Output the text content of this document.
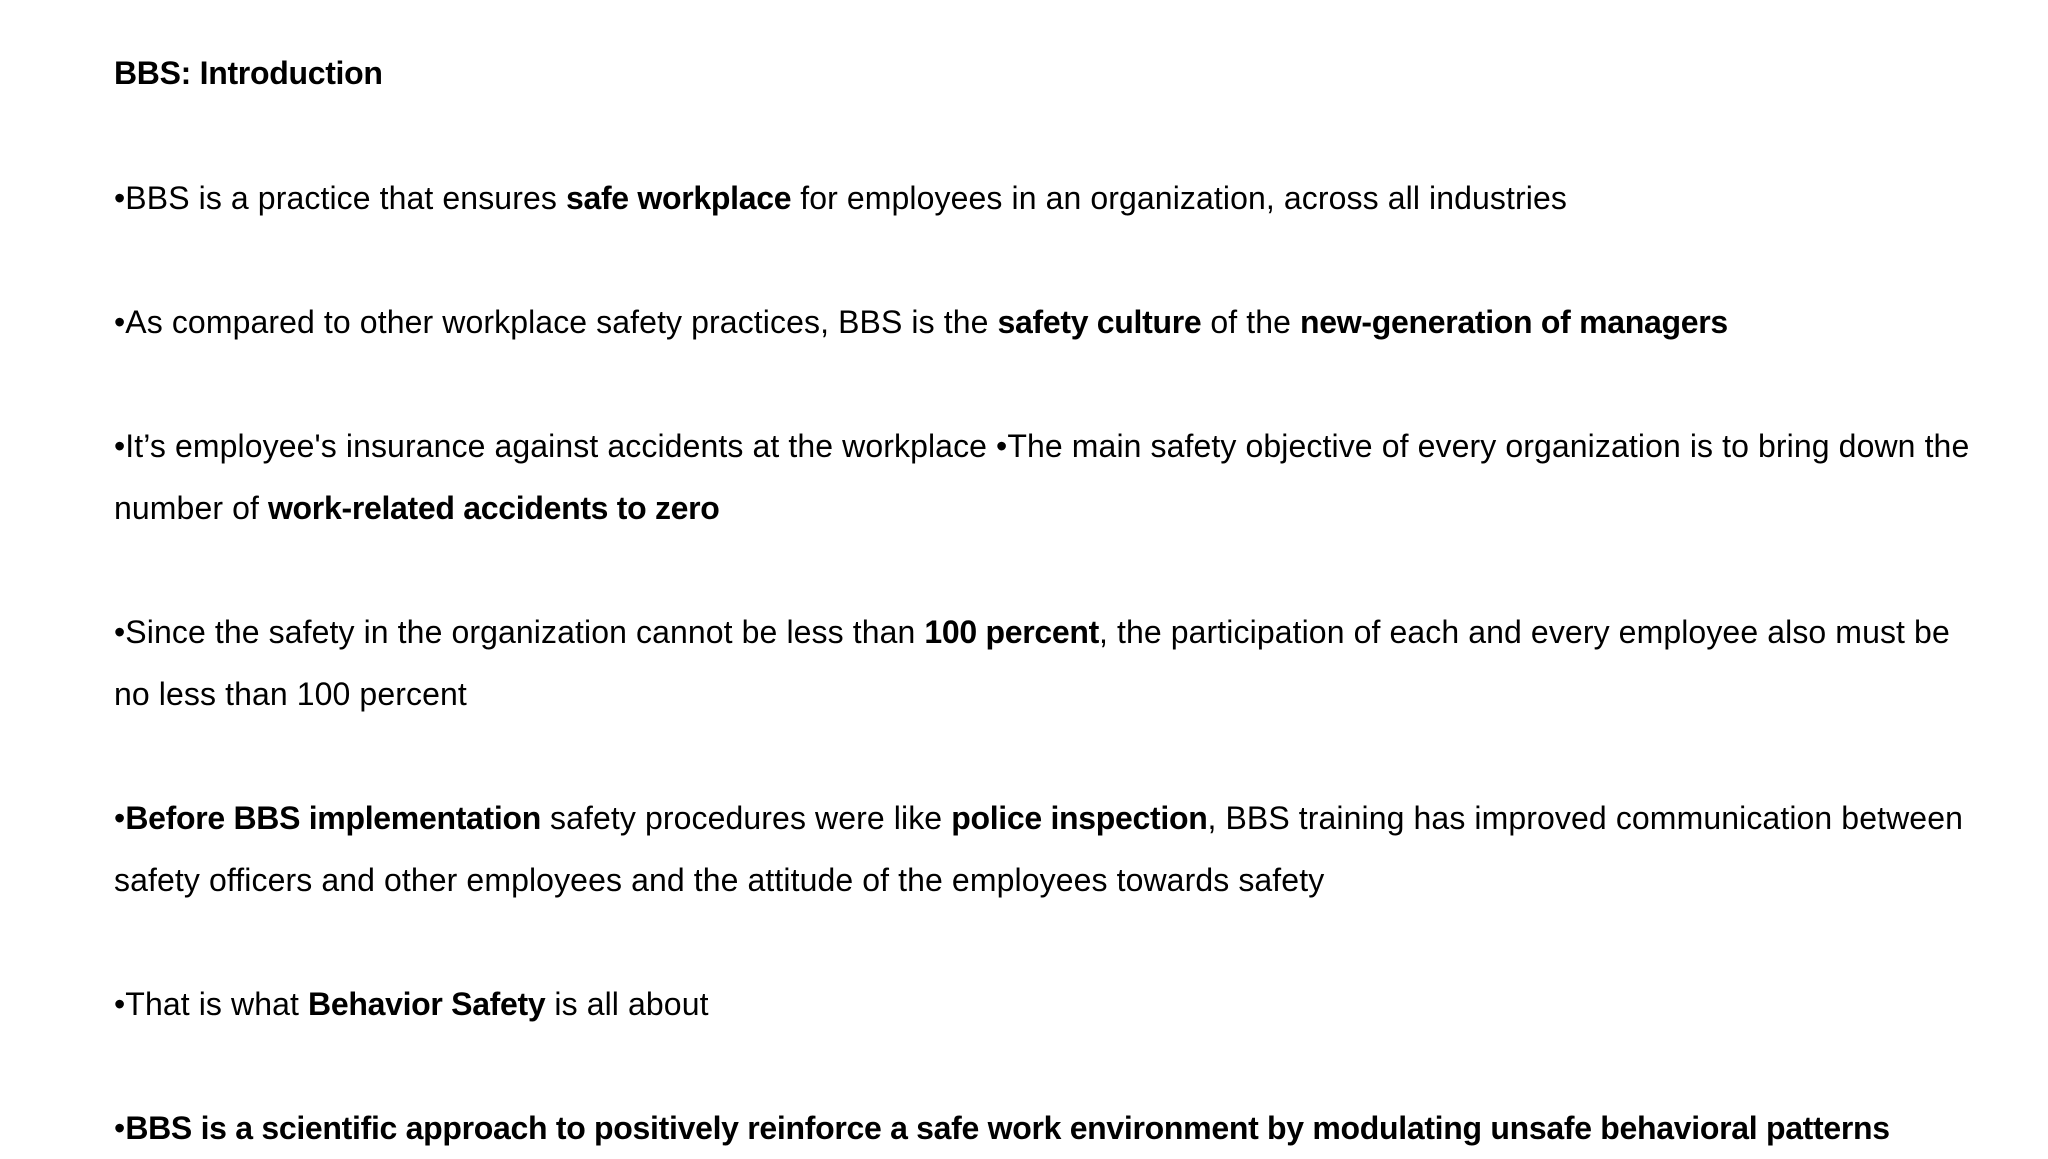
BBS: Introduction
•BBS is a practice that ensures safe workplace for employees in an organization, across all industries
•As compared to other workplace safety practices, BBS is the safety culture of the new-generation of managers
•It’s employee's insurance against accidents at the workplace •The main safety objective of every organization is to bring down the number of work-related accidents to zero
•Since the safety in the organization cannot be less than 100 percent, the participation of each and every employee also must be no less than 100 percent
•Before BBS implementation safety procedures were like police inspection, BBS training has improved communication between safety officers and other employees and the attitude of the employees towards safety
•That is what Behavior Safety is all about
•BBS is a scientific approach to positively reinforce a safe work environment by modulating unsafe behavioral patterns
